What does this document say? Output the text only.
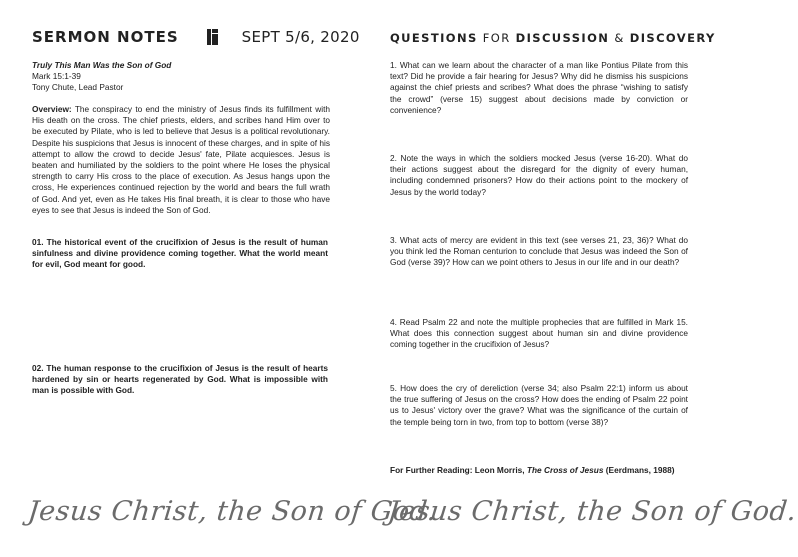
SERMON NOTES	SEPT 5/6, 2020
Truly This Man Was the Son of God
Mark 15:1-39
Tony Chute, Lead Pastor
Overview: The conspiracy to end the ministry of Jesus finds its fulfillment with His death on the cross. The chief priests, elders, and scribes hand Him over to be executed by Pilate, who is led to believe that Jesus is a political revolutionary. Despite his suspicions that Jesus is innocent of these charges, and in spite of his attempt to allow the crowd to decide Jesus' fate, Pilate acquiesces. Jesus is beaten and humiliated by the soldiers to the point where He loses the physical strength to carry His cross to the place of execution. As Jesus hangs upon the cross, He experiences continued rejection by the world and bears the full wrath of God. And yet, even as He takes His final breath, it is clear to those who have eyes to see that Jesus is indeed the Son of God.
01. The historical event of the crucifixion of Jesus is the result of human sinfulness and divine providence coming together. What the world meant for evil, God meant for good.
02. The human response to the crucifixion of Jesus is the result of hearts hardened by sin or hearts regenerated by God. What is impossible with man is possible with God.
Jesus Christ, the Son of God.
QUESTIONS FOR DISCUSSION & DISCOVERY
1. What can we learn about the character of a man like Pontius Pilate from this text? Did he provide a fair hearing for Jesus? Why did he dismiss his suspicions against the chief priests and scribes? What does the phrase “wishing to satisfy the crowd” (verse 15) suggest about decisions made by conviction or convenience?
2. Note the ways in which the soldiers mocked Jesus (verse 16-20). What do their actions suggest about the disregard for the dignity of every human, including condemned prisoners? How do their actions point to the mockery of Jesus by the world today?
3. What acts of mercy are evident in this text (see verses 21, 23, 36)? What do you think led the Roman centurion to conclude that Jesus was indeed the Son of God (verse 39)? How can we point others to Jesus in our life and in our death?
4. Read Psalm 22 and note the multiple prophecies that are fulfilled in Mark 15. What does this connection suggest about human sin and divine providence coming together in the crucifixion of Jesus?
5. How does the cry of dereliction (verse 34; also Psalm 22:1) inform us about the true suffering of Jesus on the cross? How does the ending of Psalm 22 point us to Jesus' victory over the grave? What was the significance of the curtain of the temple being torn in two, from top to bottom (verse 38)?
For Further Reading: Leon Morris, The Cross of Jesus (Eerdmans, 1988)
Jesus Christ, the Son of God.
